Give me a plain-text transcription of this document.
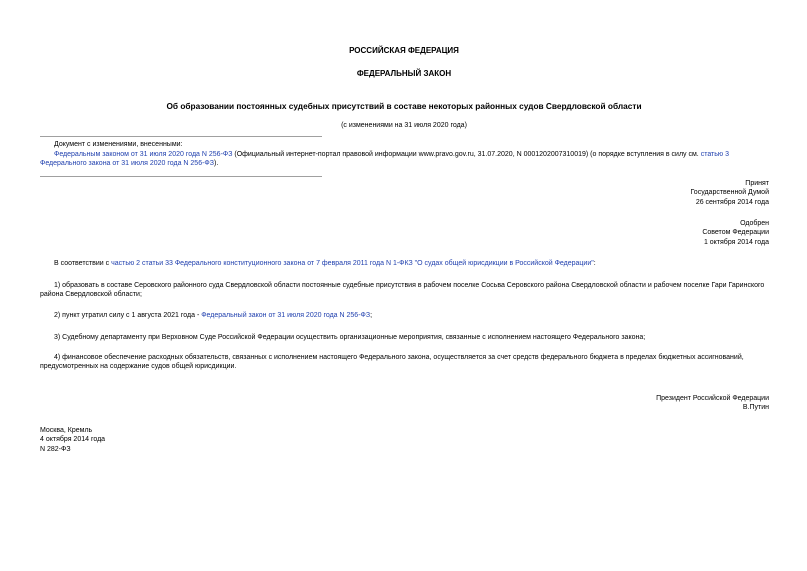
РОССИЙСКАЯ ФЕДЕРАЦИЯ
ФЕДЕРАЛЬНЫЙ ЗАКОН
Об образовании постоянных судебных присутствий в составе некоторых районных судов Свердловской области
(с изменениями на 31 июля 2020 года)
Документ с изменениями, внесенными:
Федеральным законом от 31 июля 2020 года N 256-ФЗ (Официальный интернет-портал правовой информации www.pravo.gov.ru, 31.07.2020, N 0001202007310019) (о порядке вступления в силу см. статью 3 Федерального закона от 31 июля 2020 года N 256-ФЗ).
Принят
Государственной Думой
26 сентября 2014 года
Одобрен
Советом Федерации
1 октября 2014 года
В соответствии с частью 2 статьи 33 Федерального конституционного закона от 7 февраля 2011 года N 1-ФКЗ "О судах общей юрисдикции в Российской Федерации":
1) образовать в составе Серовского районного суда Свердловской области постоянные судебные присутствия в рабочем поселке Сосьва Серовского района Свердловской области и рабочем поселке Гари Гаринского района Свердловской области;
2) пункт утратил силу с 1 августа 2021 года - Федеральный закон от 31 июля 2020 года N 256-ФЗ;
3) Судебному департаменту при Верховном Суде Российской Федерации осуществить организационные мероприятия, связанные с исполнением настоящего Федерального закона;
4) финансовое обеспечение расходных обязательств, связанных с исполнением настоящего Федерального закона, осуществляется за счет средств федерального бюджета в пределах бюджетных ассигнований, предусмотренных на содержание судов общей юрисдикции.
Президент Российской Федерации
В.Путин
Москва, Кремль
4 октября 2014 года
N 282-ФЗ
